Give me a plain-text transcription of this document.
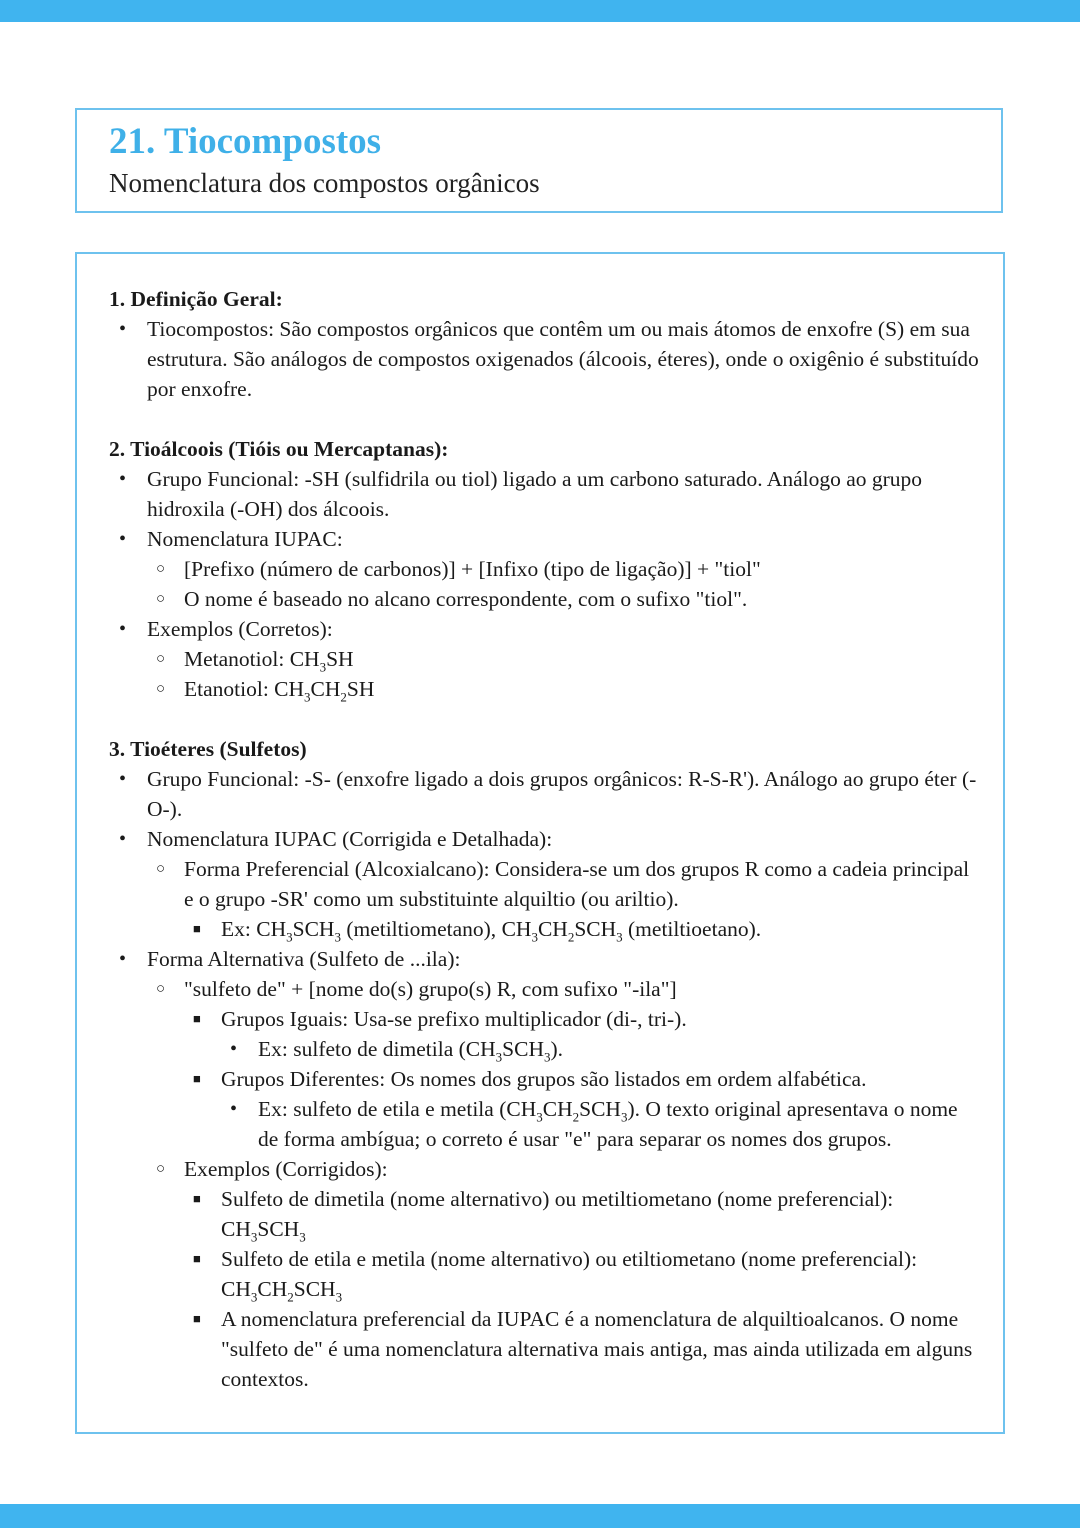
21. Tiocompostos
Nomenclatura dos compostos orgânicos
1. Definição Geral:
• Tiocompostos: São compostos orgânicos que contêm um ou mais átomos de enxofre (S) em sua estrutura. São análogos de compostos oxigenados (álcoois, éteres), onde o oxigênio é substituído por enxofre.
2. Tioálcoois (Tióis ou Mercaptanas):
• Grupo Funcional: -SH (sulfidrila ou tiol) ligado a um carbono saturado. Análogo ao grupo hidroxila (-OH) dos álcoois.
• Nomenclatura IUPAC:
○ [Prefixo (número de carbonos)] + [Infixo (tipo de ligação)] + "tiol"
○ O nome é baseado no alcano correspondente, com o sufixo "tiol".
• Exemplos (Corretos):
○ Metanotiol: $CH_3SH$
○ Etanotiol: $CH_3CH_2SH$
3. Tioéteres (Sulfetos)
• Grupo Funcional: -S- (enxofre ligado a dois grupos orgânicos: R-S-R'). Análogo ao grupo éter (-O-).
• Nomenclatura IUPAC (Corrigida e Detalhada):
○ Forma Preferencial (Alcoxialcano): Considera-se um dos grupos R como a cadeia principal e o grupo -SR' como um substituinte alquiltio (ou ariltio).
■ Ex: $CH_3SCH_3$ (metiltiometano), $CH_3CH_2SCH_3$ (metiltioetano).
• Forma Alternativa (Sulfeto de ...ila):
○ "sulfeto de" + [nome do(s) grupo(s) R, com sufixo "-ila"]
■ Grupos Iguais: Usa-se prefixo multiplicador (di-, tri-).
• Ex: sulfeto de dimetila $(CH_3SCH_3)$.
■ Grupos Diferentes: Os nomes dos grupos são listados em ordem alfabética.
• Ex: sulfeto de etila e metila $(CH_3CH_2SCH_3)$. O texto original apresentava o nome de forma ambígua; o correto é usar "e" para separar os nomes dos grupos.
○ Exemplos (Corrigidos):
■ Sulfeto de dimetila (nome alternativo) ou metiltiometano (nome preferencial):
$CH_3SCH_3$
■ Sulfeto de etila e metila (nome alternativo) ou etiltiometano (nome preferencial):
$CH_3CH_2SCH_3$
■ A nomenclatura preferencial da IUPAC é a nomenclatura de alquiltioalcanos. O nome "sulfeto de" é uma nomenclatura alternativa mais antiga, mas ainda utilizada em alguns contextos.
